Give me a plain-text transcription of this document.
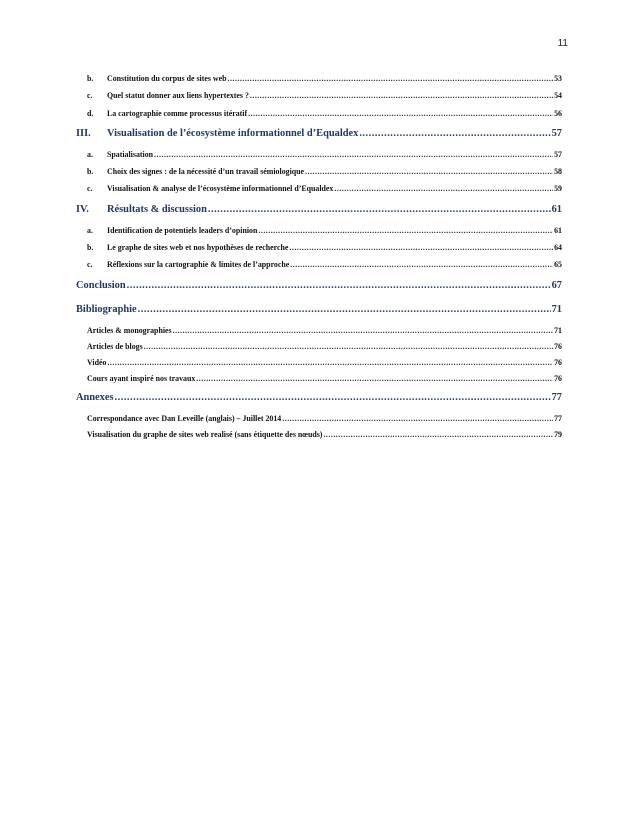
11
b. Constitution du corpus de sites web .....	53
c. Quel statut donner aux liens hypertextes ? .....	54
d. La cartographie comme processus itératif .....	56
III. Visualisation de l’écosystème informationnel d’Equaldex .....	57
a. Spatialisation .....	57
b. Choix des signes : de la nécessité d’un travail sémiologique .....	58
c. Visualisation & analyse de l’écosystème informationnel d’Equaldex .....	59
IV. Résultats & discussion .....	61
a. Identification de potentiels leaders d’opinion .....	61
b. Le graphe de sites web et nos hypothèses de recherche .....	64
c. Réflexions sur la cartographie & limites de l’approche .....	65
Conclusion .....	67
Bibliographie .....	71
Articles & monographies .....	71
Articles de blogs .....	76
Vidéo .....	76
Cours ayant inspiré nos travaux .....	76
Annexes .....	77
Correspondance avec Dan Leveille (anglais) – Juillet 2014 .....	77
Visualisation du graphe de sites web realisé (sans étiquette des nœuds) .....	79
